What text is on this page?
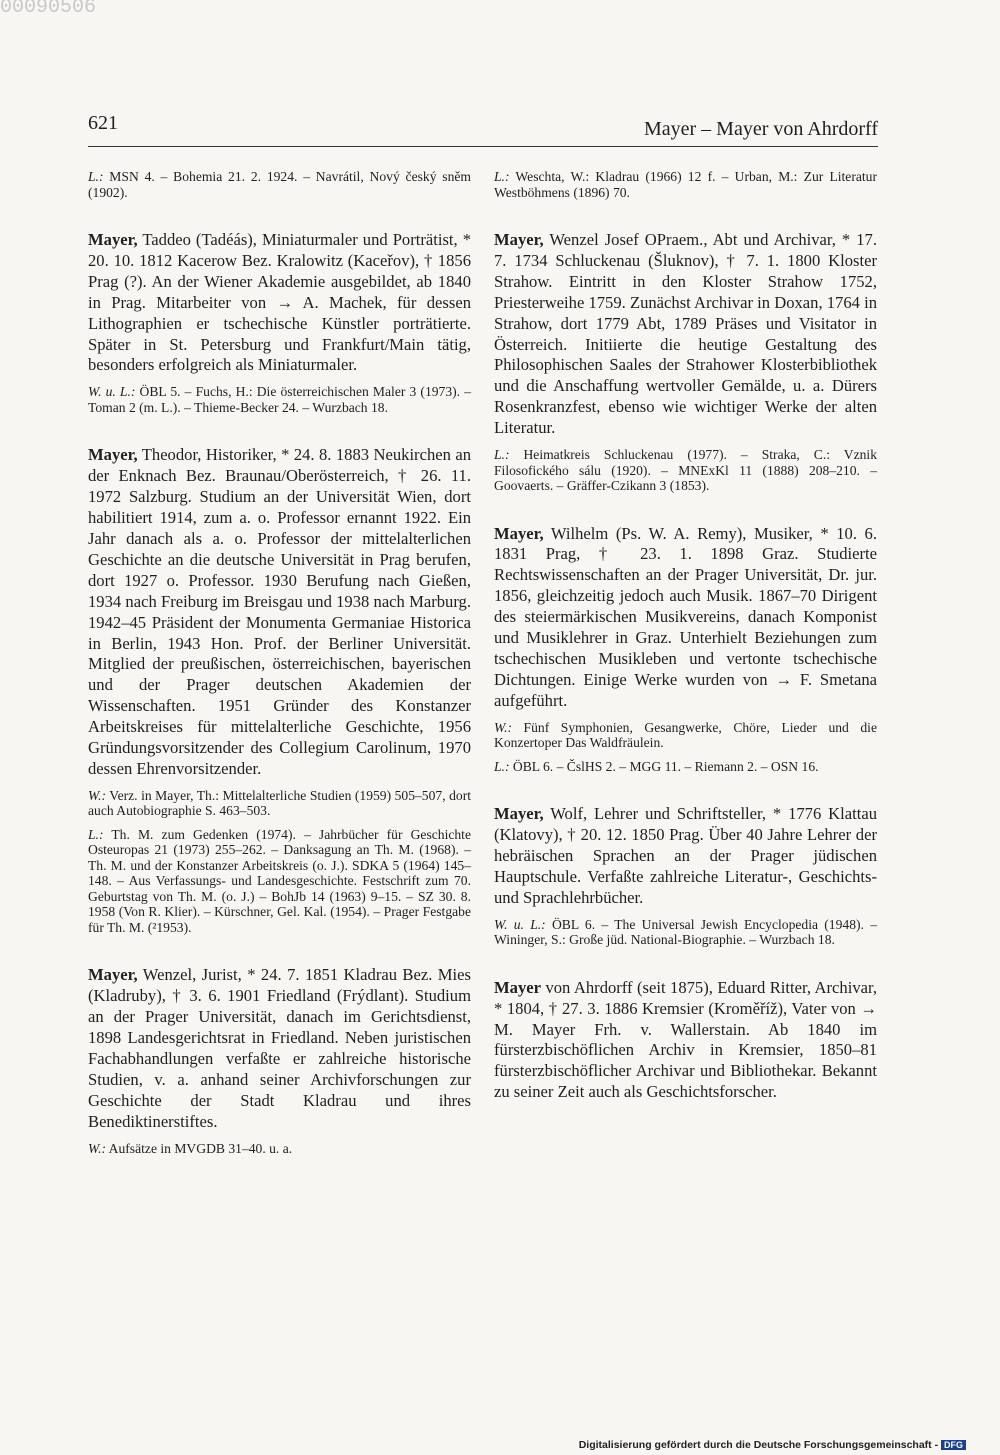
00090506
621	Mayer – Mayer von Ahrdorff

L.: MSN 4. – Bohemia 21. 2. 1924. – Navrátil, Nový český sněm (1902).

Mayer, Taddeo (Tadéás), Miniaturmaler und Porträtist, * 20. 10. 1812 Kacerow Bez. Kralowitz (Kaceřov), † 1856 Prag (?). An der Wiener Akademie ausgebildet, ab 1840 in Prag. Mitarbeiter von → A. Machek, für dessen Lithographien er tschechische Künstler porträtierte. Später in St. Petersburg und Frankfurt/Main tätig, besonders erfolgreich als Miniaturmaler.

W. u. L.: ÖBL 5. – Fuchs, H.: Die österreichischen Maler 3 (1973). – Toman 2 (m. L.). – Thieme-Becker 24. – Wurzbach 18.

Mayer, Theodor, Historiker, * 24. 8. 1883 Neukirchen an der Enknach Bez. Braunau/Oberösterreich, † 26. 11. 1972 Salzburg. Studium an der Universität Wien, dort habilitiert 1914, zum a. o. Professor ernannt 1922. Ein Jahr danach als a. o. Professor der mittelalterlichen Geschichte an die deutsche Universität in Prag berufen, dort 1927 o. Professor. 1930 Berufung nach Gießen, 1934 nach Freiburg im Breisgau und 1938 nach Marburg. 1942–45 Präsident der Monumenta Germaniae Historica in Berlin, 1943 Hon. Prof. der Berliner Universität. Mitglied der preußischen, österreichischen, bayerischen und der Prager deutschen Akademien der Wissenschaften. 1951 Gründer des Konstanzer Arbeitskreises für mittelalterliche Geschichte, 1956 Gründungsvorsitzender des Collegium Carolinum, 1970 dessen Ehrenvorsitzender.

W.: Verz. in Mayer, Th.: Mittelalterliche Studien (1959) 505–507, dort auch Autobiographie S. 463–503.

L.: Th. M. zum Gedenken (1974). – Jahrbücher für Geschichte Osteuropas 21 (1973) 255–262. – Danksagung an Th. M. (1968). – Th. M. und der Konstanzer Arbeitskreis (o. J.). SDKA 5 (1964) 145–148. – Aus Verfassungs- und Landesgeschichte. Festschrift zum 70. Geburtstag von Th. M. (o. J.) – BohJb 14 (1963) 9–15. – SZ 30. 8. 1958 (Von R. Klier). – Kürschner, Gel. Kal. (1954). – Prager Festgabe für Th. M. (²1953).

Mayer, Wenzel, Jurist, * 24. 7. 1851 Kladrau Bez. Mies (Kladruby), † 3. 6. 1901 Friedland (Frýdlant). Studium an der Prager Universität, danach im Gerichtsdienst, 1898 Landesgerichtsrat in Friedland. Neben juristischen Fachabhandlungen verfaßte er zahlreiche historische Studien, v. a. anhand seiner Archivforschungen zur Geschichte der Stadt Kladrau und ihres Benediktinerstiftes.

W.: Aufsätze in MVGDB 31–40. u. a.

L.: Weschta, W.: Kladrau (1966) 12 f. – Urban, M.: Zur Literatur Westböhmens (1896) 70.

Mayer, Wenzel Josef OPraem., Abt und Archivar, * 17. 7. 1734 Schluckenau (Šluknov), † 7. 1. 1800 Kloster Strahow. Eintritt in den Kloster Strahow 1752, Priesterweihe 1759. Zunächst Archivar in Doxan, 1764 in Strahow, dort 1779 Abt, 1789 Präses und Visitator in Österreich. Initiierte die heutige Gestaltung des Philosophischen Saales der Strahower Klosterbibliothek und die Anschaffung wertvoller Gemälde, u. a. Dürers Rosenkranzfest, ebenso wie wichtiger Werke der alten Literatur.

L.: Heimatkreis Schluckenau (1977). – Straka, C.: Vznik Filosofického sálu (1920). – MNExKl 11 (1888) 208–210. – Goovaerts. – Gräffer-Czikann 3 (1853).

Mayer, Wilhelm (Ps. W. A. Remy), Musiker, * 10. 6. 1831 Prag, † 23. 1. 1898 Graz. Studierte Rechtswissenschaften an der Prager Universität, Dr. jur. 1856, gleichzeitig jedoch auch Musik. 1867–70 Dirigent des steiermärkischen Musikvereins, danach Komponist und Musiklehrer in Graz. Unterhielt Beziehungen zum tschechischen Musikleben und vertonte tschechische Dichtungen. Einige Werke wurden von → F. Smetana aufgeführt.

W.: Fünf Symphonien, Gesangwerke, Chöre, Lieder und die Konzertoper Das Waldfräulein.

L.: ÖBL 6. – ČslHS 2. – MGG 11. – Riemann 2. – OSN 16.

Mayer, Wolf, Lehrer und Schriftsteller, * 1776 Klattau (Klatovy), † 20. 12. 1850 Prag. Über 40 Jahre Lehrer der hebräischen Sprachen an der Prager jüdischen Hauptschule. Verfaßte zahlreiche Literatur-, Geschichts- und Sprachlehrbücher.

W. u. L.: ÖBL 6. – The Universal Jewish Encyclopedia (1948). – Wininger, S.: Große jüd. National-Biographie. – Wurzbach 18.

Mayer von Ahrdorff (seit 1875), Eduard Ritter, Archivar, * 1804, † 27. 3. 1886 Kremsier (Kroměříž), Vater von → M. Mayer Frh. v. Wallerstain. Ab 1840 im fürsterzbischöflichen Archiv in Kremsier, 1850–81 fürsterzbischöflicher Archivar und Bibliothekar. Bekannt zu seiner Zeit auch als Geschichtsforscher.

Digitalisierung gefördert durch die Deutsche Forschungsgemeinschaft - DFG
